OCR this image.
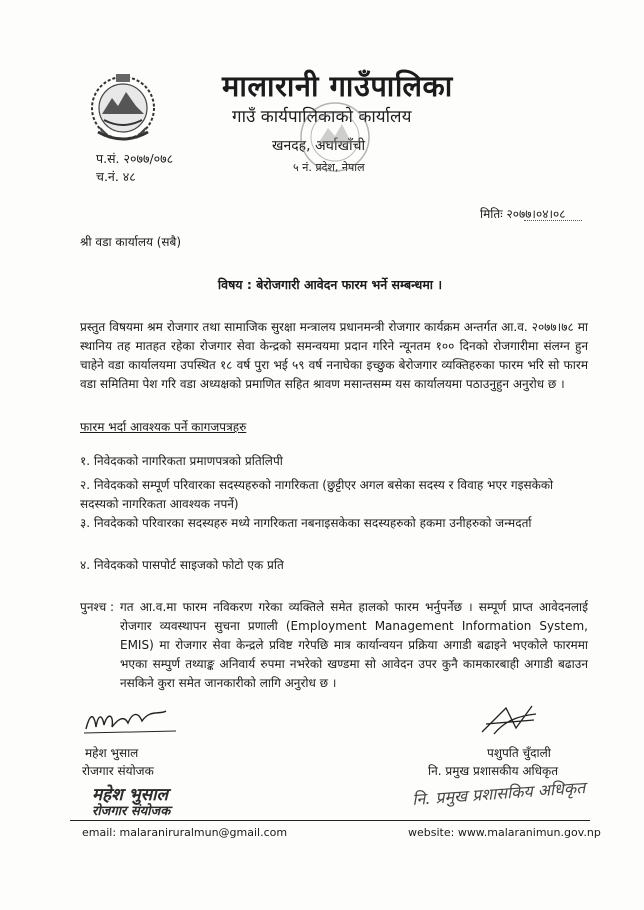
मालारानी गाउँपालिका
गाउँ कार्यपालिकाको कार्यालय
खनदह, अर्घाखाँची
५ नं. प्रदेश, नेपाल
प.सं. २०७७/०७८
च.नं. ४८
मितिः २०७७।०४।०८
श्री वडा कार्यालय (सबै)
विषय : बेरोजगारी आवेदन फारम भर्ने सम्बन्धमा ।
प्रस्तुत विषयमा श्रम रोजगार तथा सामाजिक सुरक्षा मन्त्रालय प्रधानमन्त्री रोजगार कार्यक्रम अन्तर्गत आ.व. २०७७।७८ मा स्थानिय तह मातहत रहेका रोजगार सेवा केन्द्रको समन्वयमा प्रदान गरिने न्यूनतम १०० दिनको रोजगारीमा संलग्न हुन चाहेने वडा कार्यालयमा उपस्थित १८ वर्ष पुरा भई ५९ वर्ष ननाघेका इच्छुक बेरोजगार व्यक्तिहरुका फारम भरि सो फारम वडा समितिमा पेश गरि वडा अध्यक्षको प्रमाणित सहित श्रावण मसान्तसम्म यस कार्यालयमा पठाउनुहुन अनुरोध छ ।
फारम भर्दा आवश्यक पर्ने कागजपत्रहरु
१. निवेदकको नागरिकता प्रमाणपत्रको प्रतिलिपी
२. निवेदकको सम्पूर्ण परिवारका सदस्यहरुको नागरिकता (छुट्टीएर अगल बसेका सदस्य र विवाह भएर गइसकेको सदस्यको नागरिकता आवश्यक नपर्ने)
३. निवदेकको परिवारका सदस्यहरु मध्ये नागरिकता नबनाइसकेका सदस्यहरुको हकमा उनीहरुको जन्मदर्ता
४. निवेदकको पासपोर्ट साइजको फोटो एक प्रति
पुनश्च : गत आ.व.मा फारम नविकरण गरेका व्यक्तिले समेत हालको फारम भर्नुपर्नेछ । सम्पूर्ण प्राप्त आवेदनलाई रोजगार व्यवस्थापन सुचना प्रणाली (Employment Management Information System, EMIS) मा रोजगार सेवा केन्द्रले प्रविष्ट गरेपछि मात्र कार्यान्वयन प्रक्रिया अगाडी बढाइने भएकोले फारममा भएका सम्पुर्ण तथ्याङ्क अनिवार्य रुपमा नभरेको खण्डमा सो आवेदन उपर कुनै कामकारबाही अगाडी बढाउन नसकिने कुरा समेत जानकारीको लागि अनुरोध छ ।
महेश भुसाल
रोजगार संयोजक
पशुपति चुँदाली
नि. प्रमुख प्रशासकीय अधिकृत
महेश भुसाल
रोजगार संयोजक
नि. प्रमुख प्रशासकिय अधिकृत
email: malaraniruralmun@gmail.com	website: www.malaranimun.gov.np
